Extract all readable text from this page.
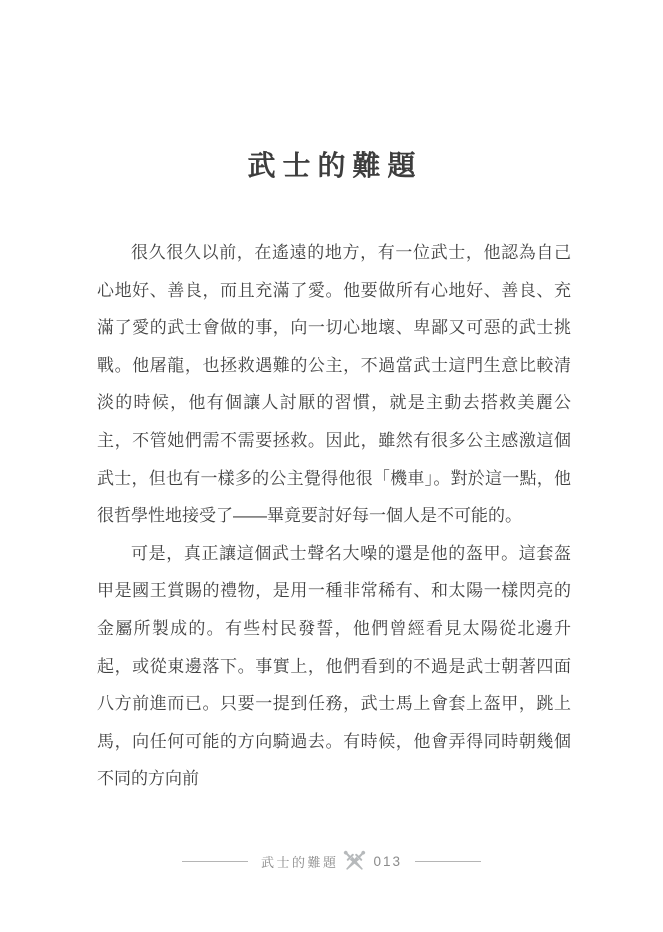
武士的難題

很久很久以前，在遙遠的地方，有一位武士，他認為自己心地好、善良，而且充滿了愛。他要做所有心地好、善良、充滿了愛的武士會做的事，向一切心地壞、卑鄙又可惡的武士挑戰。他屠龍，也拯救遇難的公主，不過當武士這門生意比較清淡的時候，他有個讓人討厭的習慣，就是主動去搭救美麗公主，不管她們需不需要拯救。因此，雖然有很多公主感激這個武士，但也有一樣多的公主覺得他很「機車」。對於這一點，他很哲學性地接受了——畢竟要討好每一個人是不可能的。

可是，真正讓這個武士聲名大噪的還是他的盔甲。這套盔甲是國王賞賜的禮物，是用一種非常稀有、和太陽一樣閃亮的金屬所製成的。有些村民發誓，他們曾經看見太陽從北邊升起，或從東邊落下。事實上，他們看到的不過是武士朝著四面八方前進而已。只要一提到任務，武士馬上會套上盔甲，跳上馬，向任何可能的方向騎過去。有時候，他會弄得同時朝幾個不同的方向前

武士的難題	013
